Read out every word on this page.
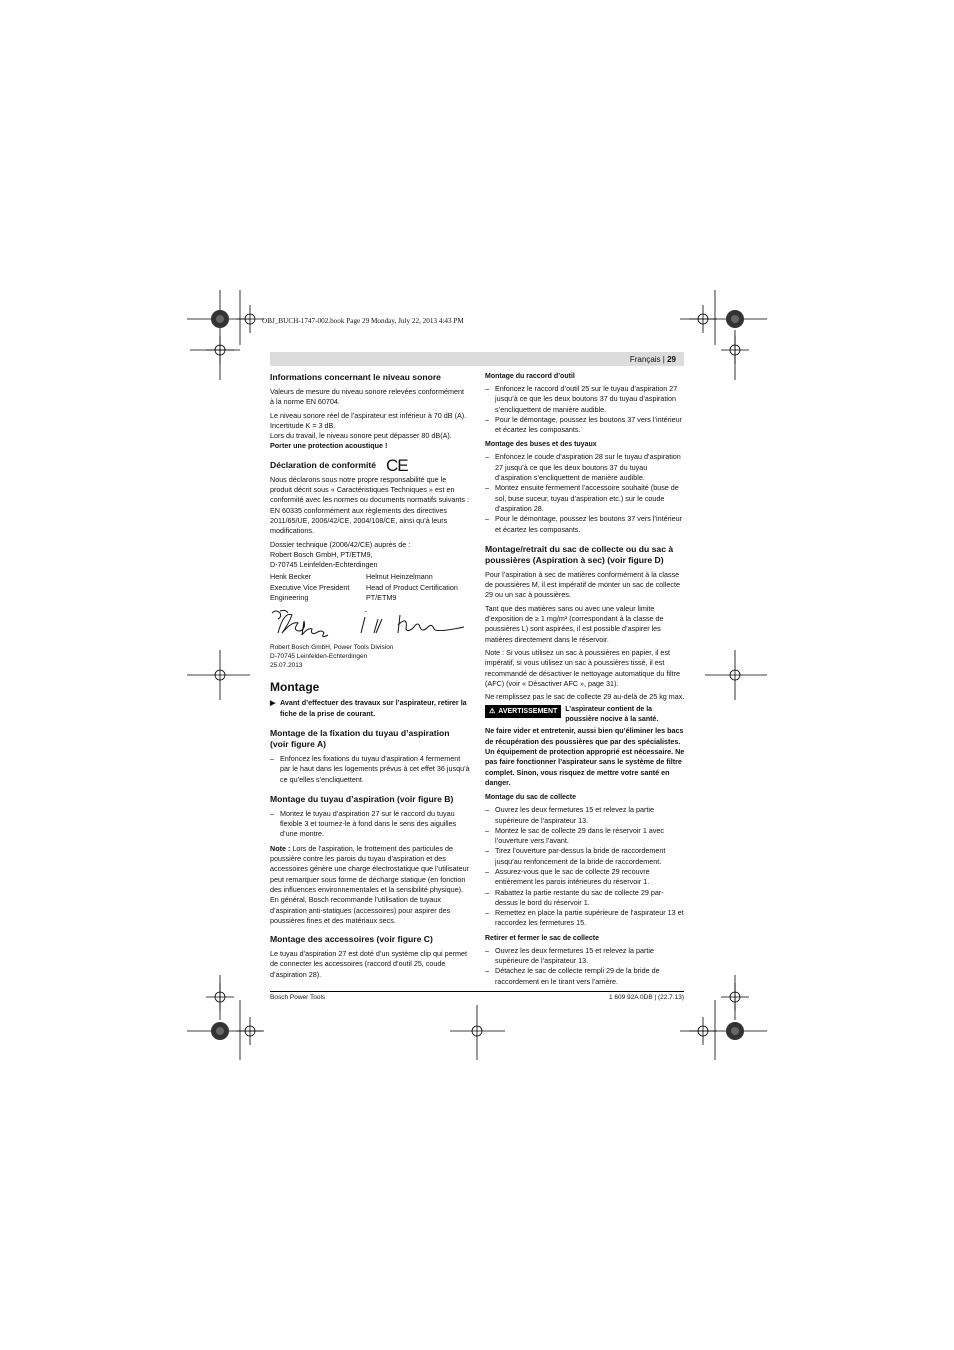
OBJ_BUCH-1747-002.book Page 29 Monday, July 22, 2013 4:43 PM
Français | 29
Informations concernant le niveau sonore

Valeurs de mesure du niveau sonore relevées conformément à la norme EN 60704.

Le niveau sonore réel de l’aspirateur est inférieur à 70 dB (A). Incertitude K = 3 dB.

Lors du travail, le niveau sonore peut dépasser 80 dB(A).

Porter une protection acoustique !

Déclaration de conformité CE

Nous déclarons sous notre propre responsabilité que le produit décrit sous « Caractéristiques Techniques » est en conformité avec les normes ou documents normatifs suivants : EN 60335 conformément aux règlements des directives 2011/65/UE, 2006/42/CE, 2004/108/CE, ainsi qu’à leurs modifications.

Dossier technique (2006/42/CE) auprès de :

Robert Bosch GmbH, PT/ETM9,

D-70745 Leinfelden-Echterdingen

Henk Becker
Executive Vice President
Engineering
Helmut Heinzelmann
Head of Product Certification
PT/ETM9
Robert Bosch GmbH, Power Tools Division
D-70745 Leinfelden-Echterdingen
25.07.2013
Montage
▶ Avant d’effectuer des travaux sur l’aspirateur, retirer la fiche de la prise de courant.
Montage de la fixation du tuyau d’aspiration (voir figure A)
– Enfoncez les fixations du tuyau d’aspiration 4 fermement par le haut dans les logements prévus à cet effet 36 jusqu’à ce qu’elles s’encliquettent.
Montage du tuyau d’aspiration (voir figure B)
– Montez le tuyau d’aspiration 27 sur le raccord du tuyau flexible 3 et tournez-le à fond dans le sens des aiguilles d’une montre.

Note : Lors de l’aspiration, le frottement des particules de poussière contre les parois du tuyau d’aspiration et des accessoires génère une charge électrostatique que l’utilisateur peut remarquer sous forme de décharge statique (en fonction des influences environnementales et la sensibilité physique). En général, Bosch recommande l’utilisation de tuyaux d’aspiration anti-statiques (accessoires) pour aspirer des poussières fines et des matériaux secs.

Montage des accessoires (voir figure C)

Le tuyau d’aspiration 27 est doté d’un système clip qui permet de connecter les accessoires (raccord d’outil 25, coude d’aspiration 28).

Montage du raccord d’outil
– Enfoncez le raccord d’outil 25 sur le tuyau d’aspiration 27 jusqu’à ce que les deux boutons 37 du tuyau d’aspiration s’encliquettent de manière audible.
– Pour le démontage, poussez les boutons 37 vers l’intérieur et écartez les composants.
Montage des buses et des tuyaux
– Enfoncez le coude d’aspiration 28 sur le tuyau d’aspiration 27 jusqu’à ce que les deux boutons 37 du tuyau d’aspiration s’encliquettent de manière audible.
– Montez ensuite fermement l’accessoire souhaité (buse de sol, buse suceur, tuyau d’aspiration etc.) sur le coude d’aspiration 28.
– Pour le démontage, poussez les boutons 37 vers l’intérieur et écartez les composants.
Montage/retrait du sac de collecte ou du sac à poussières (Aspiration à sec) (voir figure D)

Pour l’aspiration à sec de matières conformément à la classe de poussières M, il est impératif de monter un sac de collecte 29 ou un sac à poussières.

Tant que des matières sans ou avec une valeur limite d’exposition de ≥ 1 mg/m³ (correspondant à la classe de poussières L) sont aspirées, il est possible d’aspirer les matières directement dans le réservoir.

Note : Si vous utilisez un sac à poussières en papier, il est impératif, si vous utilisez un sac à poussières tissé, il est recommandé de désactiver le nettoyage automatique du filtre (AFC) (voir « Désactiver AFC », page 31).

Ne remplissez pas le sac de collecte 29 au-delà de 25 kg max.

⚠ AVERTISSEMENT L’aspirateur contient de la poussière nocive à la santé.

Ne faire vider et entretenir, aussi bien qu’éliminer les bacs de récupération des poussières que par des spécialistes. Un équipement de protection approprié est nécessaire. Ne pas faire fonctionner l’aspirateur sans le système de filtre complet. Sinon, vous risquez de mettre votre santé en danger.

Montage du sac de collecte
– Ouvrez les deux fermetures 15 et relevez la partie supérieure de l’aspirateur 13.
– Montez le sac de collecte 29 dans le réservoir 1 avec l’ouverture vers l’avant.
– Tirez l’ouverture par-dessus la bride de raccordement jusqu’au renfoncement de la bride de raccordement.
– Assurez-vous que le sac de collecte 29 recouvre entièrement les parois intérieures du réservoir 1.
– Rabattez la partie restante du sac de collecte 29 par-dessus le bord du réservoir 1.
– Remettez en place la partie supérieure de l’aspirateur 13 et raccordez les fermetures 15.
Retirer et fermer le sac de collecte
– Ouvrez les deux fermetures 15 et relevez la partie supérieure de l’aspirateur 13.
– Détachez le sac de collecte rempli 29 de la bride de raccordement en le tirant vers l’arrière.
Bosch Power Tools	1 609 92A 0DB | (22.7.13)
